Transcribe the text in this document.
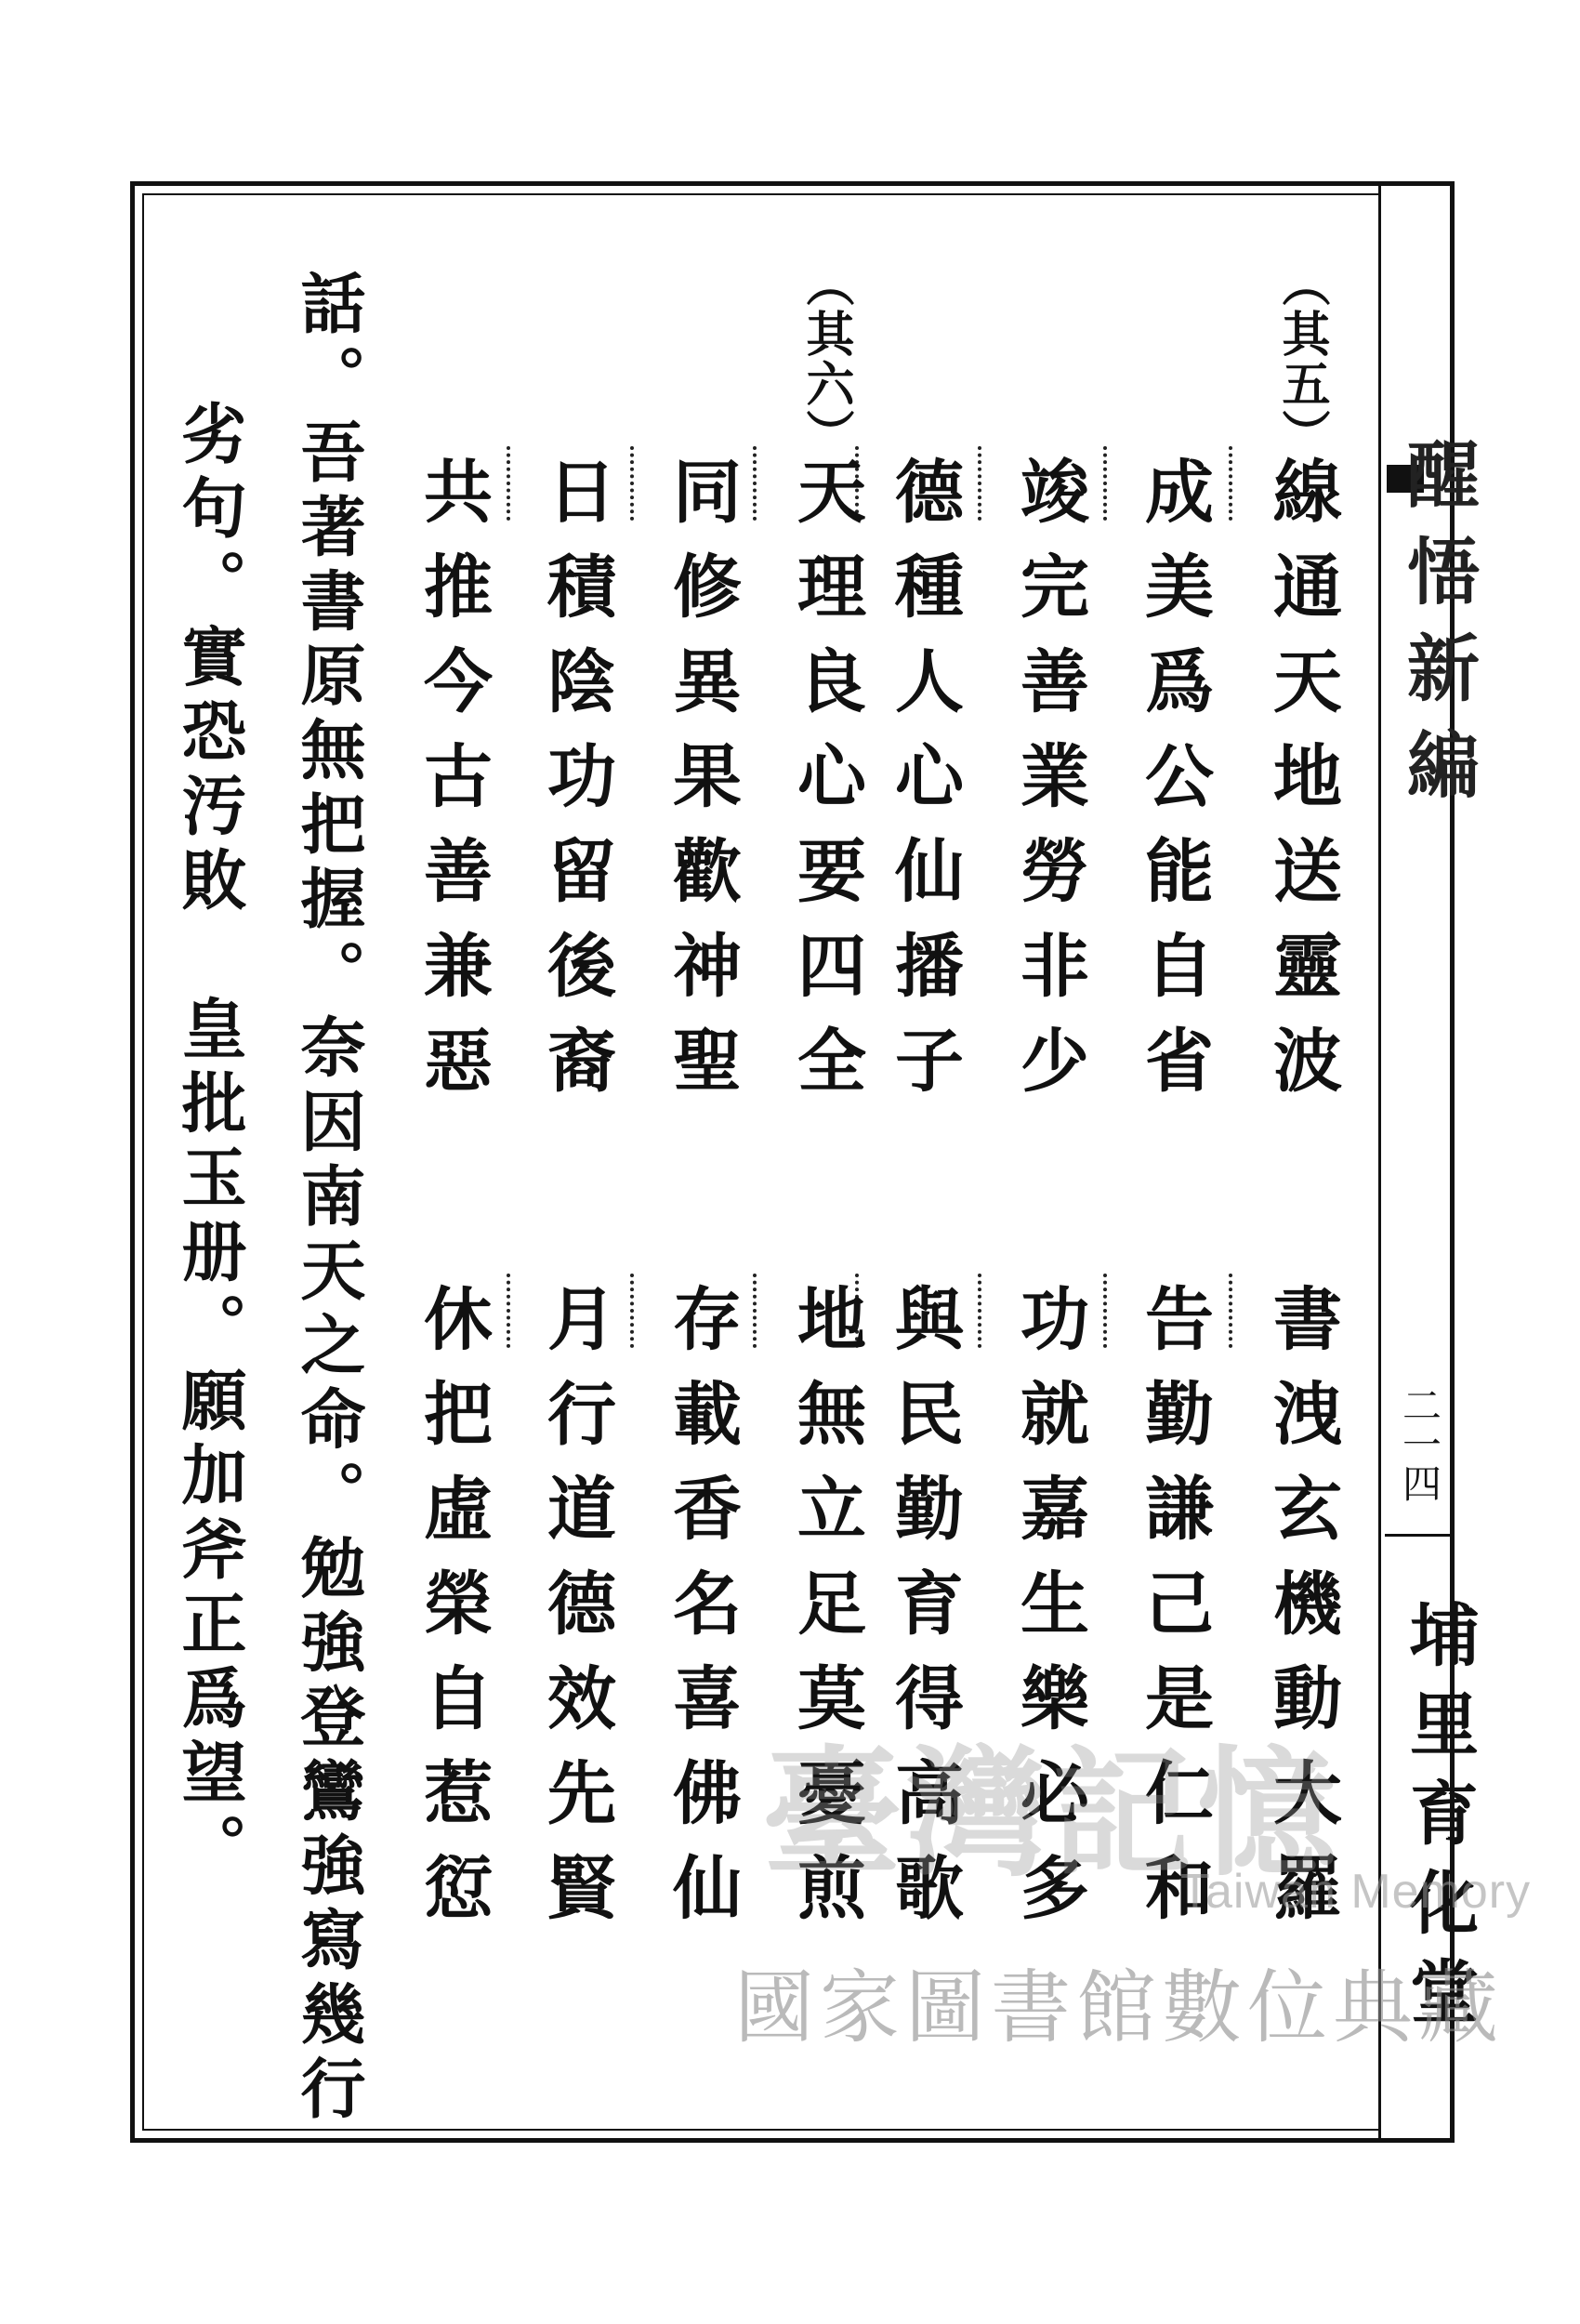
醒悟新編
二一四
埔里育化堂
（其五）
線通天地送靈波
書洩玄機動大羅
成美爲公能自省
告勤謙己是仁和
竣完善業勞非少
功就嘉生樂必多
德種人心仙播子
與民勤育得高歌
（其六）
天理良心要四全
地無立足莫憂煎
同修異果歡神聖
存載香名喜佛仙
日積陰功留後裔
月行道德效先賢
共推今古善兼惡
休把虛榮自惹愆
話。吾著書原無把握。奈因南天之命。勉強登鸞強寫幾行
劣句。實恐汚敗　皇批玉册。願加斧正爲望。	臺灣記憶
Taiwan Memory
國家圖書館數位典藏
